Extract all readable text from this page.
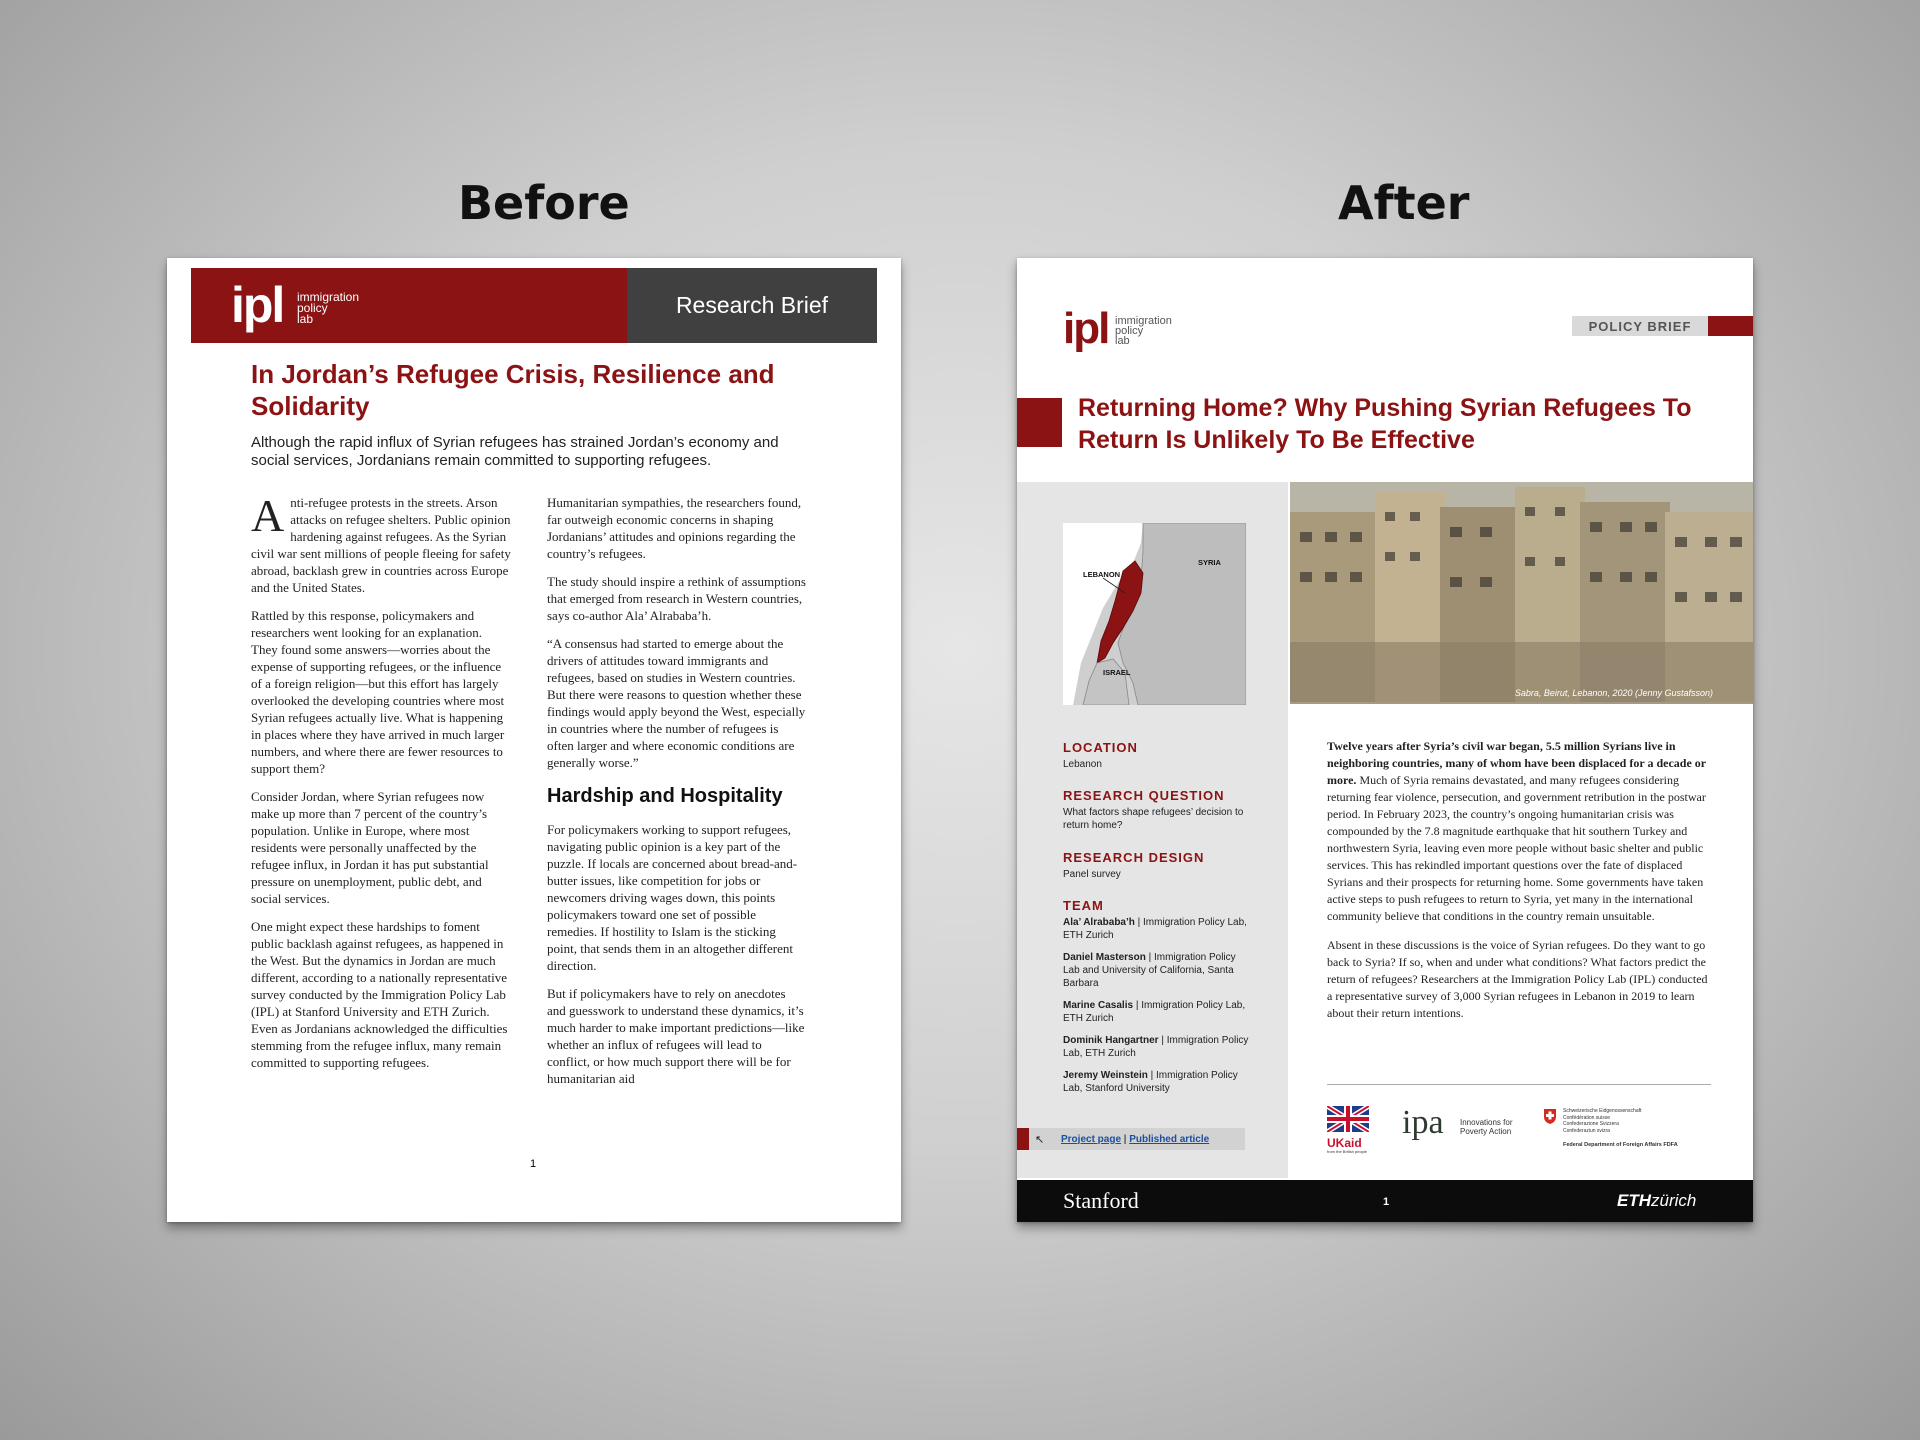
Before	After
ipl immigration
policy
lab
Research Brief
In Jordan’s Refugee Crisis, Resilience and Solidarity
Although the rapid influx of Syrian refugees has strained Jordan’s economy and social services, Jordanians remain committed to supporting refugees.

Anti-refugee protests in the streets. Arson attacks on refugee shelters. Public opinion hardening against refugees. As the Syrian civil war sent millions of people fleeing for safety abroad, backlash grew in countries across Europe and the United States.

Rattled by this response, policymakers and researchers went looking for an explanation. They found some answers—worries about the expense of supporting refugees, or the influence of a foreign religion—but this effort has largely overlooked the developing countries where most Syrian refugees actually live. What is happening in places where they have arrived in much larger numbers, and where there are fewer resources to support them?

Consider Jordan, where Syrian refugees now make up more than 7 percent of the country’s population. Unlike in Europe, where most residents were personally unaffected by the refugee influx, in Jordan it has put substantial pressure on unemployment, public debt, and social services.

One might expect these hardships to foment public backlash against refugees, as happened in the West. But the dynamics in Jordan are much different, according to a nationally representative survey conducted by the Immigration Policy Lab (IPL) at Stanford University and ETH Zurich. Even as Jordanians acknowledged the difficulties stemming from the refugee influx, many remain committed to supporting refugees.

Humanitarian sympathies, the researchers found, far outweigh economic concerns in shaping Jordanians’ attitudes and opinions regarding the country’s refugees.

The study should inspire a rethink of assumptions that emerged from research in Western countries, says co-author Ala’ Alrababa’h.

“A consensus had started to emerge about the drivers of attitudes toward immigrants and refugees, based on studies in Western countries. But there were reasons to question whether these findings would apply beyond the West, especially in countries where the number of refugees is often larger and where economic conditions are generally worse.”

Hardship and Hospitality

For policymakers working to support refugees, navigating public opinion is a key part of the puzzle. If locals are concerned about bread-and-butter issues, like competition for jobs or newcomers driving wages down, this points policymakers toward one set of possible remedies. If hostility to Islam is the sticking point, that sends them in an altogether different direction.

But if policymakers have to rely on anecdotes and guesswork to understand these dynamics, it’s much harder to make important predictions—like whether an influx of refugees will lead to conflict, or how much support there will be for humanitarian aid

1
ipl immigration
policy
lab
POLICY BRIEF
Returning Home? Why Pushing Syrian Refugees To Return Is Unlikely To Be Effective
LEBANON
SYRIA
ISRAEL
Sabra, Beirut, Lebanon, 2020 (Jenny Gustafsson)
LOCATION
Lebanon
RESEARCH QUESTION
What factors shape refugees’ decision to return home?
RESEARCH DESIGN
Panel survey
TEAM
Ala’ Alrababa’h | Immigration Policy Lab, ETH Zurich
Daniel Masterson | Immigration Policy Lab and University of California, Santa Barbara
Marine Casalis | Immigration Policy Lab, ETH Zurich
Dominik Hangartner | Immigration Policy Lab, ETH Zurich
Jeremy Weinstein | Immigration Policy Lab, Stanford University
↖ Project page | Published article

Twelve years after Syria’s civil war began, 5.5 million Syrians live in neighboring countries, many of whom have been displaced for a decade or more. Much of Syria remains devastated, and many refugees considering returning fear violence, persecution, and government retribution in the postwar period. In February 2023, the country’s ongoing humanitarian crisis was compounded by the 7.8 magnitude earthquake that hit southern Turkey and northwestern Syria, leaving even more people without basic shelter and public services. This has rekindled important questions over the fate of displaced Syrians and their prospects for returning home. Some governments have taken active steps to push refugees to return to Syria, yet many in the international community believe that conditions in the country remain unsuitable.

Absent in these discussions is the voice of Syrian refugees. Do they want to go back to Syria? If so, when and under what conditions? What factors predict the return of refugees? Researchers at the Immigration Policy Lab (IPL) conducted a representative survey of 3,000 Syrian refugees in Lebanon in 2019 to learn about their return intentions.

UKaid
from the British people
ipa Innovations for Poverty Action
Schweizerische Eidgenossenschaft
Confédération suisse
Confederazione Svizzera
Confederaziun svizra
Federal Department of Foreign Affairs FDFA
Stanford	1	ETHzürich
